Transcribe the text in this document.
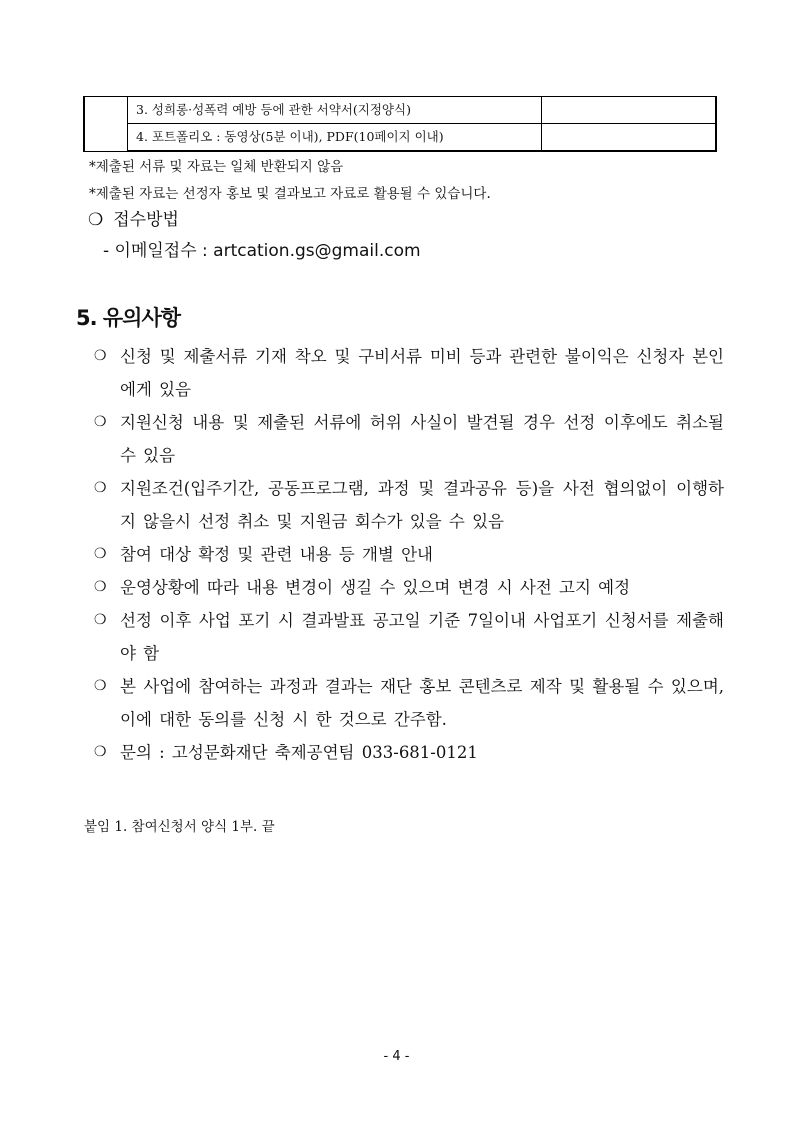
	3. 성희롱·성폭력 예방 등에 관한 서약서(지정양식)	
	4. 포트폴리오 : 동영상(5분 이내), PDF(10페이지 이내)	
*제출된 서류 및 자료는 일체 반환되지 않음
*제출된 자료는 선정자 홍보 및 결과보고 자료로 활용될 수 있습니다.
❍ 접수방법
- 이메일접수 : artcation.gs@gmail.com
5. 유의사항
❍ 신청 및 제출서류 기재 착오 및 구비서류 미비 등과 관련한 불이익은 신청자 본인에게 있음
❍ 지원신청 내용 및 제출된 서류에 허위 사실이 발견될 경우 선정 이후에도 취소될 수 있음
❍ 지원조건(입주기간, 공동프로그램, 과정 및 결과공유 등)을 사전 협의없이 이행하지 않을시 선정 취소 및 지원금 회수가 있을 수 있음
❍ 참여 대상 확정 및 관련 내용 등 개별 안내
❍ 운영상황에 따라 내용 변경이 생길 수 있으며 변경 시 사전 고지 예정
❍ 선정 이후 사업 포기 시 결과발표 공고일 기준 7일이내 사업포기 신청서를 제출해야 함
❍ 본 사업에 참여하는 과정과 결과는 재단 홍보 콘텐츠로 제작 및 활용될 수 있으며, 이에 대한 동의를 신청 시 한 것으로 간주함.
❍ 문의 : 고성문화재단 축제공연팀 033-681-0121
붙임 1. 참여신청서 양식 1부. 끝
- 4 -
